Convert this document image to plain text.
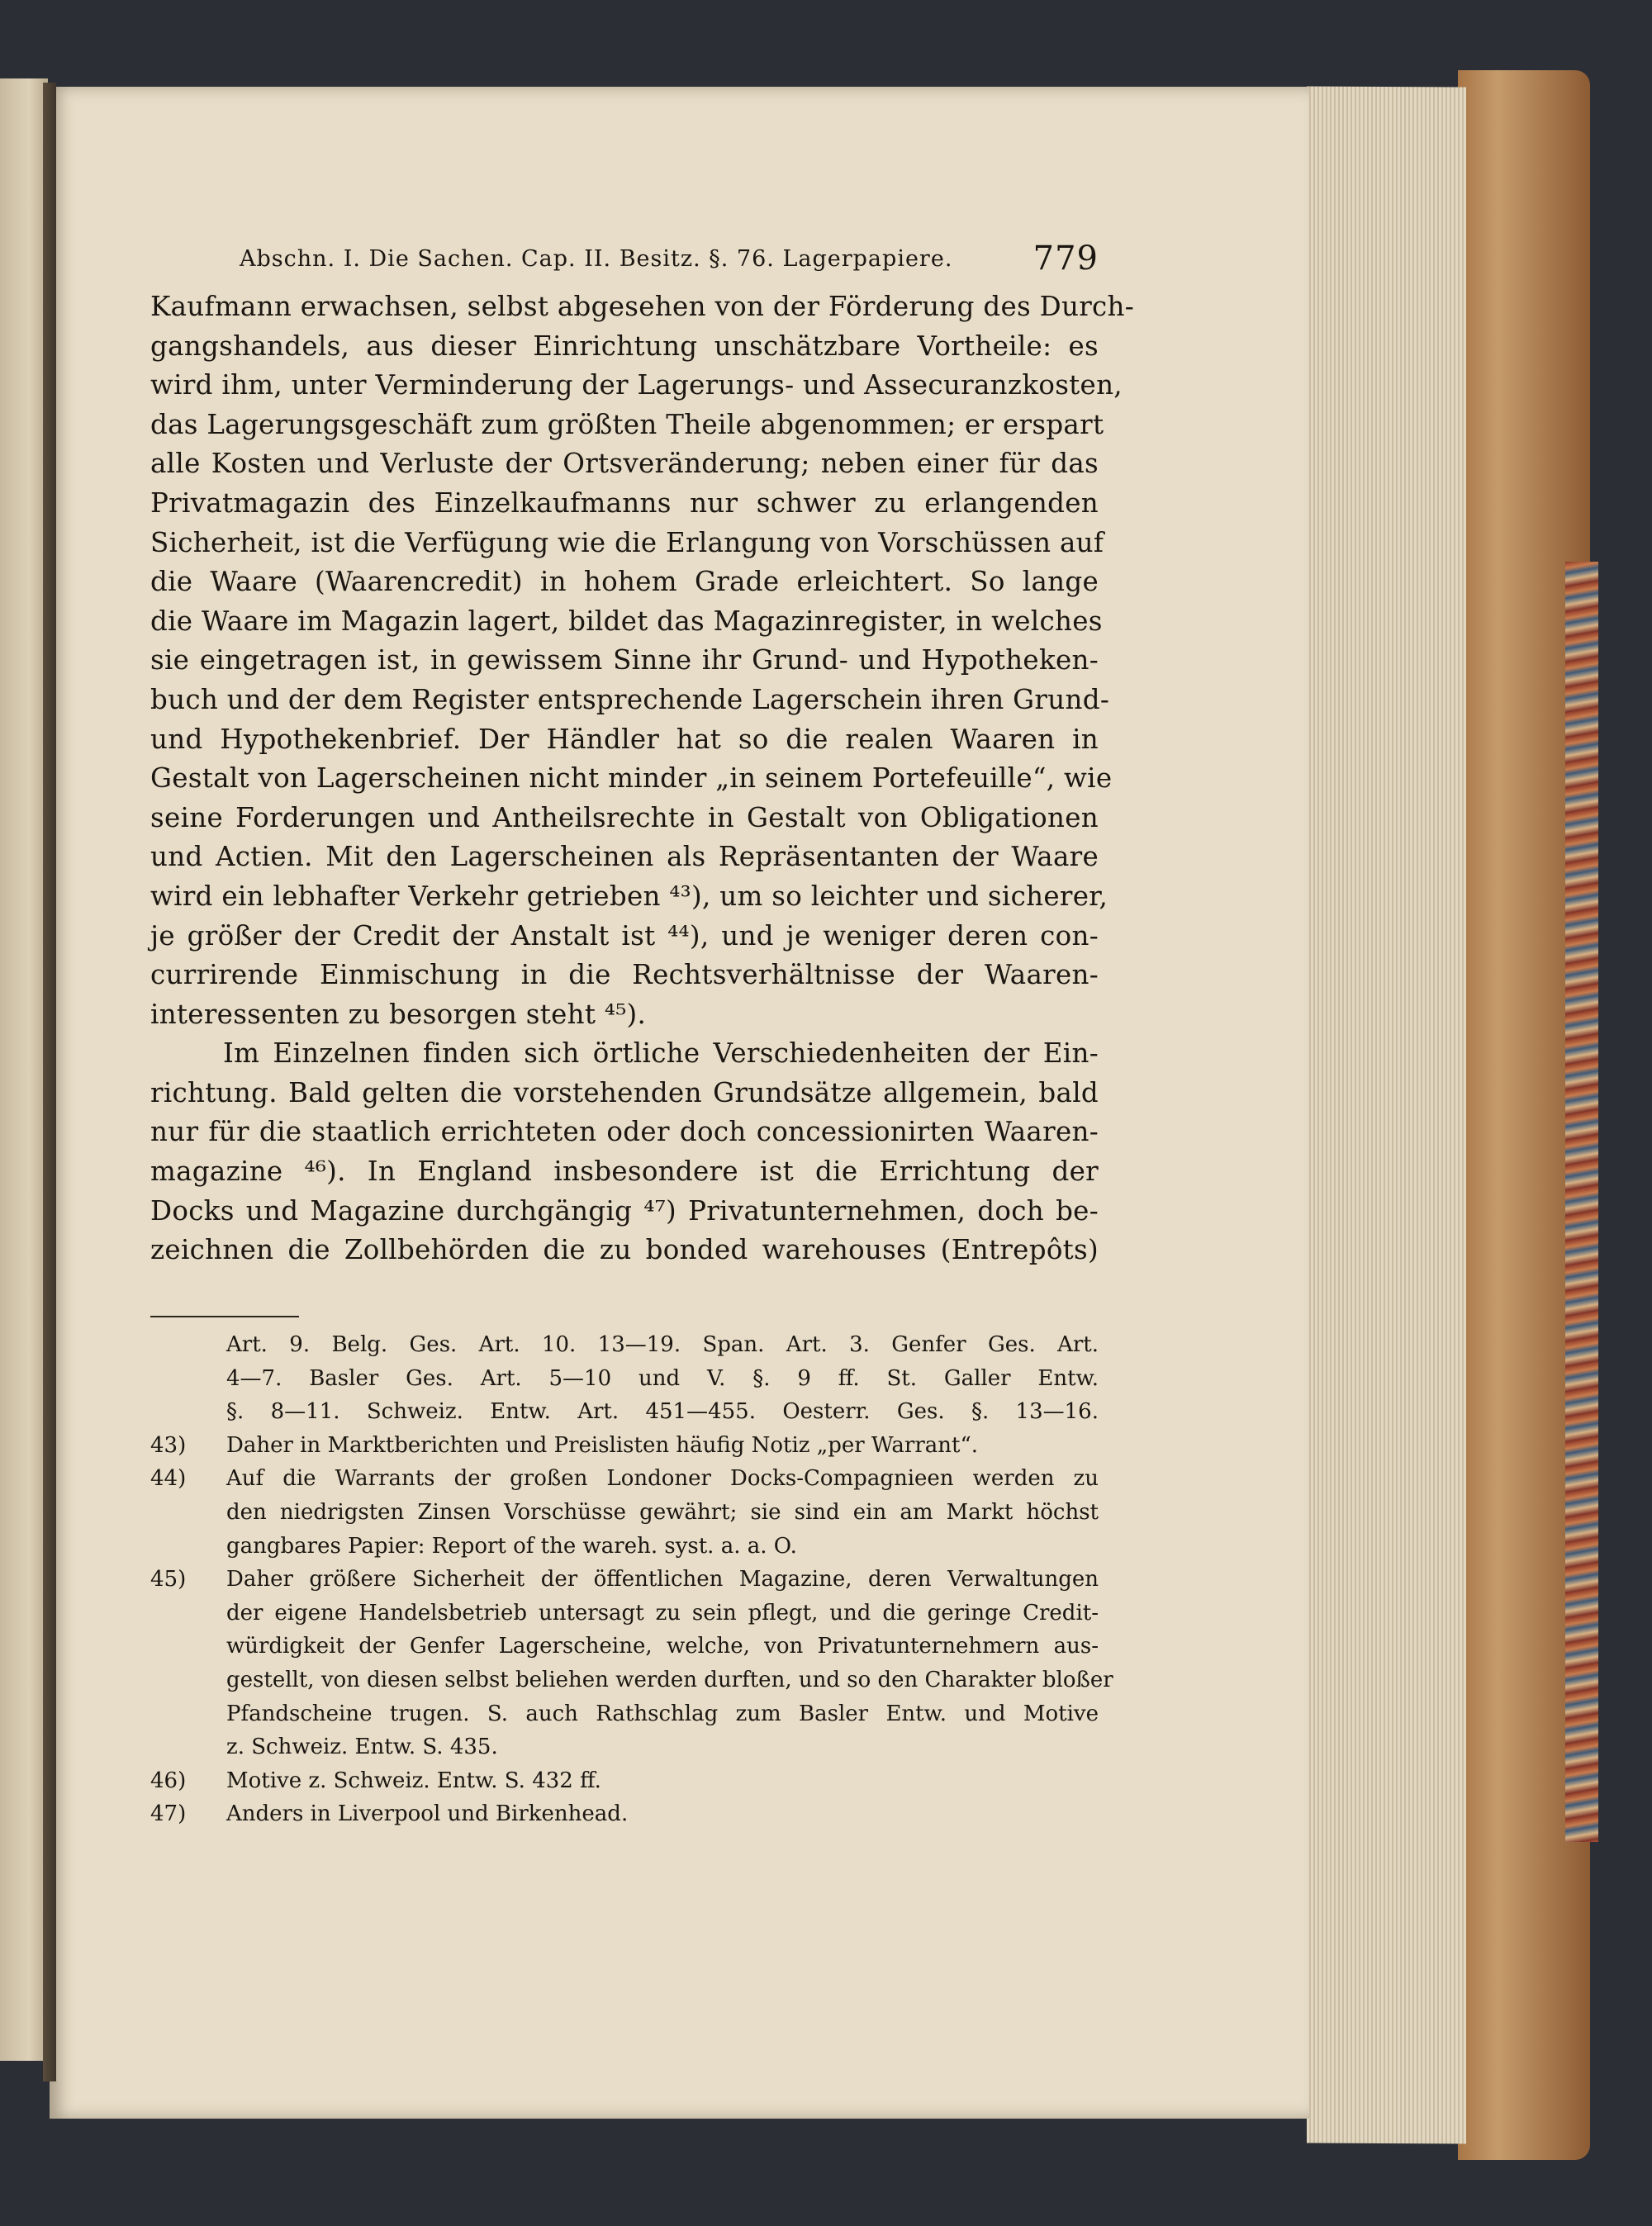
Abschn. I. Die Sachen. Cap. II. Besitz. §. 76. Lagerpapiere. 779
Kaufmann erwachsen, selbst abgesehen von der Förderung des Durch-
gangshandels, aus dieser Einrichtung unschätzbare Vortheile: es
wird ihm, unter Verminderung der Lagerungs- und Assecuranzkosten,
das Lagerungsgeschäft zum größten Theile abgenommen; er erspart
alle Kosten und Verluste der Ortsveränderung; neben einer für das
Privatmagazin des Einzelkaufmanns nur schwer zu erlangenden
Sicherheit, ist die Verfügung wie die Erlangung von Vorschüssen auf
die Waare (Waarencredit) in hohem Grade erleichtert. So lange
die Waare im Magazin lagert, bildet das Magazinregister, in welches
sie eingetragen ist, in gewissem Sinne ihr Grund- und Hypotheken-
buch und der dem Register entsprechende Lagerschein ihren Grund-
und Hypothekenbrief. Der Händler hat so die realen Waaren in
Gestalt von Lagerscheinen nicht minder „in seinem Portefeuille“, wie
seine Forderungen und Antheilsrechte in Gestalt von Obligationen
und Actien. Mit den Lagerscheinen als Repräsentanten der Waare
wird ein lebhafter Verkehr getrieben ⁴³), um so leichter und sicherer,
je größer der Credit der Anstalt ist ⁴⁴), und je weniger deren con-
currirende Einmischung in die Rechtsverhältnisse der Waaren-
interessenten zu besorgen steht ⁴⁵).
Im Einzelnen finden sich örtliche Verschiedenheiten der Ein-
richtung. Bald gelten die vorstehenden Grundsätze allgemein, bald
nur für die staatlich errichteten oder doch concessionirten Waaren-
magazine ⁴⁶). In England insbesondere ist die Errichtung der
Docks und Magazine durchgängig ⁴⁷) Privatunternehmen, doch be-
zeichnen die Zollbehörden die zu bonded warehouses (Entrepôts)
Art. 9. Belg. Ges. Art. 10. 13—19. Span. Art. 3. Genfer Ges. Art.
4—7. Basler Ges. Art. 5—10 und V. §. 9 ff. St. Galler Entw.
§. 8—11. Schweiz. Entw. Art. 451—455. Oesterr. Ges. §. 13—16.
43) Daher in Marktberichten und Preislisten häufig Notiz „per Warrant“.
44) Auf die Warrants der großen Londoner Docks-Compagnieen werden zu
den niedrigsten Zinsen Vorschüsse gewährt; sie sind ein am Markt höchst
gangbares Papier: Report of the wareh. syst. a. a. O.
45) Daher größere Sicherheit der öffentlichen Magazine, deren Verwaltungen
der eigene Handelsbetrieb untersagt zu sein pflegt, und die geringe Credit-
würdigkeit der Genfer Lagerscheine, welche, von Privatunternehmern aus-
gestellt, von diesen selbst beliehen werden durften, und so den Charakter bloßer
Pfandscheine trugen. S. auch Rathschlag zum Basler Entw. und Motive
z. Schweiz. Entw. S. 435.
46) Motive z. Schweiz. Entw. S. 432 ff.
47) Anders in Liverpool und Birkenhead.
